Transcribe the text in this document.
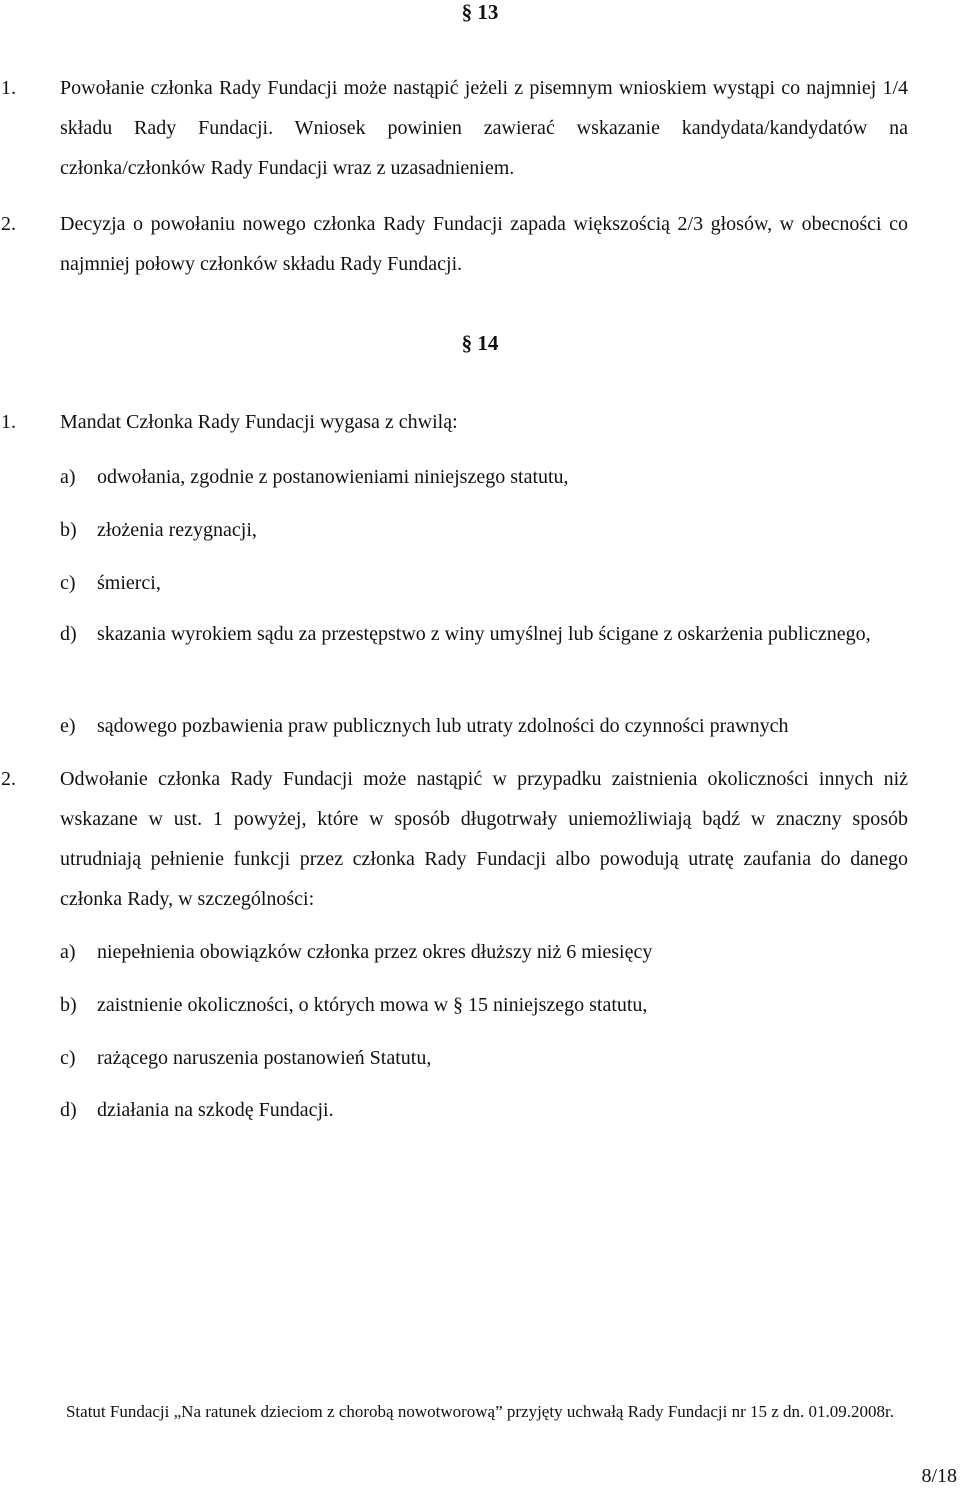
§ 13
1. Powołanie członka Rady Fundacji może nastąpić jeżeli z pisemnym wnioskiem wystąpi co najmniej 1/4 składu Rady Fundacji. Wniosek powinien zawierać wskazanie kandydata/kandydatów na członka/członków Rady Fundacji wraz z uzasadnieniem.
2. Decyzja o powołaniu nowego członka Rady Fundacji zapada większością 2/3 głosów, w obecności co najmniej połowy członków składu Rady Fundacji.
§ 14
1. Mandat Członka Rady Fundacji wygasa z chwilą:
a) odwołania, zgodnie z postanowieniami niniejszego statutu,
b) złożenia rezygnacji,
c) śmierci,
d) skazania wyrokiem sądu za przestępstwo z winy umyślnej lub ścigane z oskarżenia publicznego,
e) sądowego pozbawienia praw publicznych lub utraty zdolności do czynności prawnych
2. Odwołanie członka Rady Fundacji może nastąpić w przypadku zaistnienia okoliczności innych niż wskazane w ust. 1 powyżej, które w sposób długotrwały uniemożliwiają bądź w znaczny sposób utrudniają pełnienie funkcji przez członka Rady Fundacji albo powodują utratę zaufania do danego członka Rady, w szczególności:
a) niepełnienia obowiązków członka przez okres dłuższy niż 6 miesięcy
b) zaistnienie okoliczności, o których mowa w § 15 niniejszego statutu,
c) rażącego naruszenia postanowień Statutu,
d) działania na szkodę Fundacji.
Statut Fundacji „Na ratunek dzieciom z chorobą nowotworową” przyjęty uchwałą Rady Fundacji nr 15 z dn. 01.09.2008r.
8/18
